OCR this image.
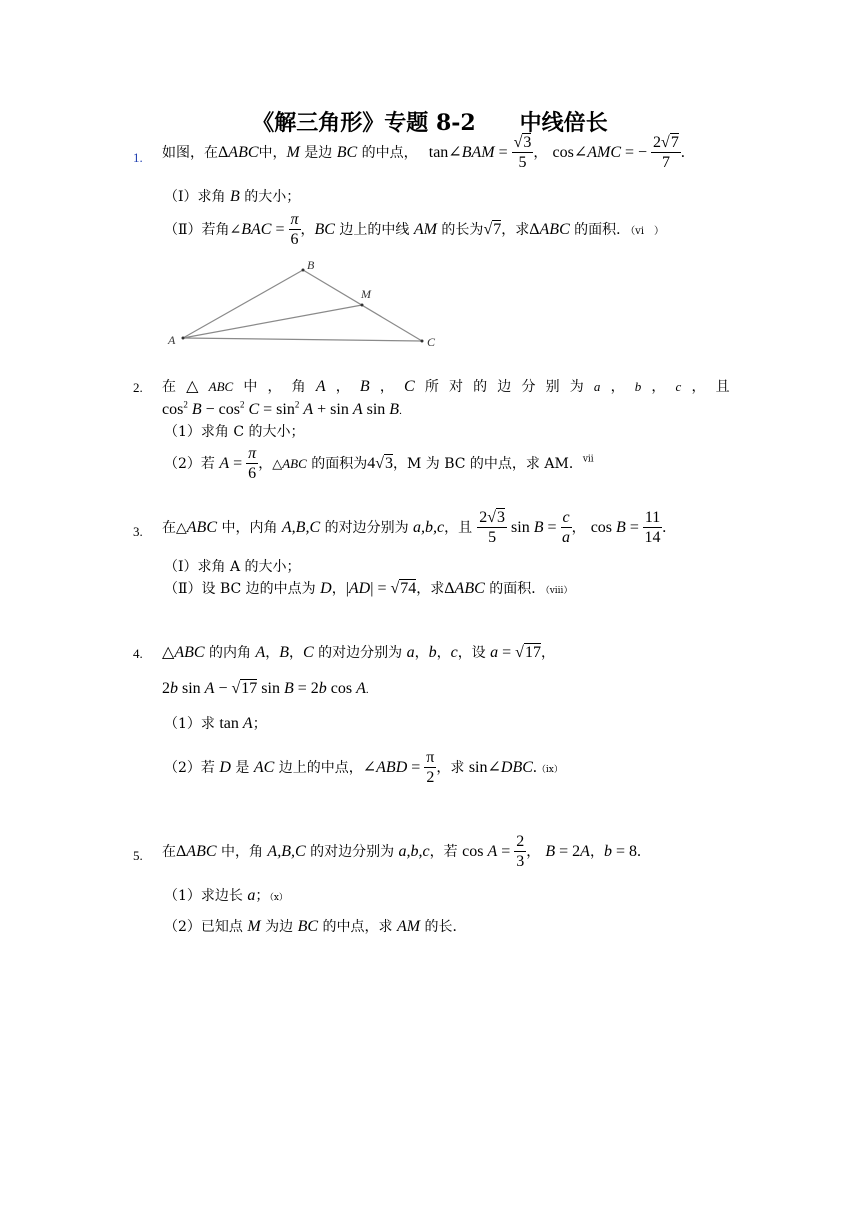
《解三角形》专题 8-2　　中线倍长
1. 如图，在ΔABC中，M 是边 BC 的中点， tan∠BAM = $\frac{√3}{5}$ ， cos∠AMC = − $\frac{2√7}{7}$ .
（Ⅰ）求角 B 的大小；
（Ⅱ）若角∠BAC = $\frac{\pi}{6}$ ，BC 边上的中线 AM 的长为√7，求ΔABC 的面积．（vi　）
A
B
C
M
2. 在 △ ABC 中 ， 角 A ， B ， C 所 对 的 边 分 别 为 a ， b ， c ， 且
$\cos^2 B - \cos^2 C = \sin^2 A + \sin A$ sin B.
（1）求角 C 的大小；
（2）若 $A = \frac{\pi}{6}$ ，△ABC 的面积为4√3，M 为 BC 的中点，求 AM．$^{vii}$
3. 在△ABC 中，内角 A,B,C 的对边分别为 a,b,c，且 $\frac{2√3}{5}$ $\sin B = \frac{c}{a}$ ， $\cos B = \frac{11}{14}$ .
（Ⅰ）求角 A 的大小；
（Ⅱ）设 BC 边的中点为 D，|AD| = √74，求ΔABC 的面积．（viii）
4. △ABC 的内角 A，B，C 的对边分别为 a，b，c，设 a = √17，
2b sin A − √17 sin B = 2b cos A.
（1）求 tan A；
（2）若 D 是 AC 边上的中点，∠ABD = $\frac{\pi}{2}$ ，求 sin∠DBC.（ix）
5. 在ΔABC 中，角 A,B,C 的对边分别为 a,b,c，若 $\cos A = \frac{2}{3}$ ， B = 2A，b = 8.
（1）求边长 a；（x）
（2）已知点 M 为边 BC 的中点，求 AM 的长．
